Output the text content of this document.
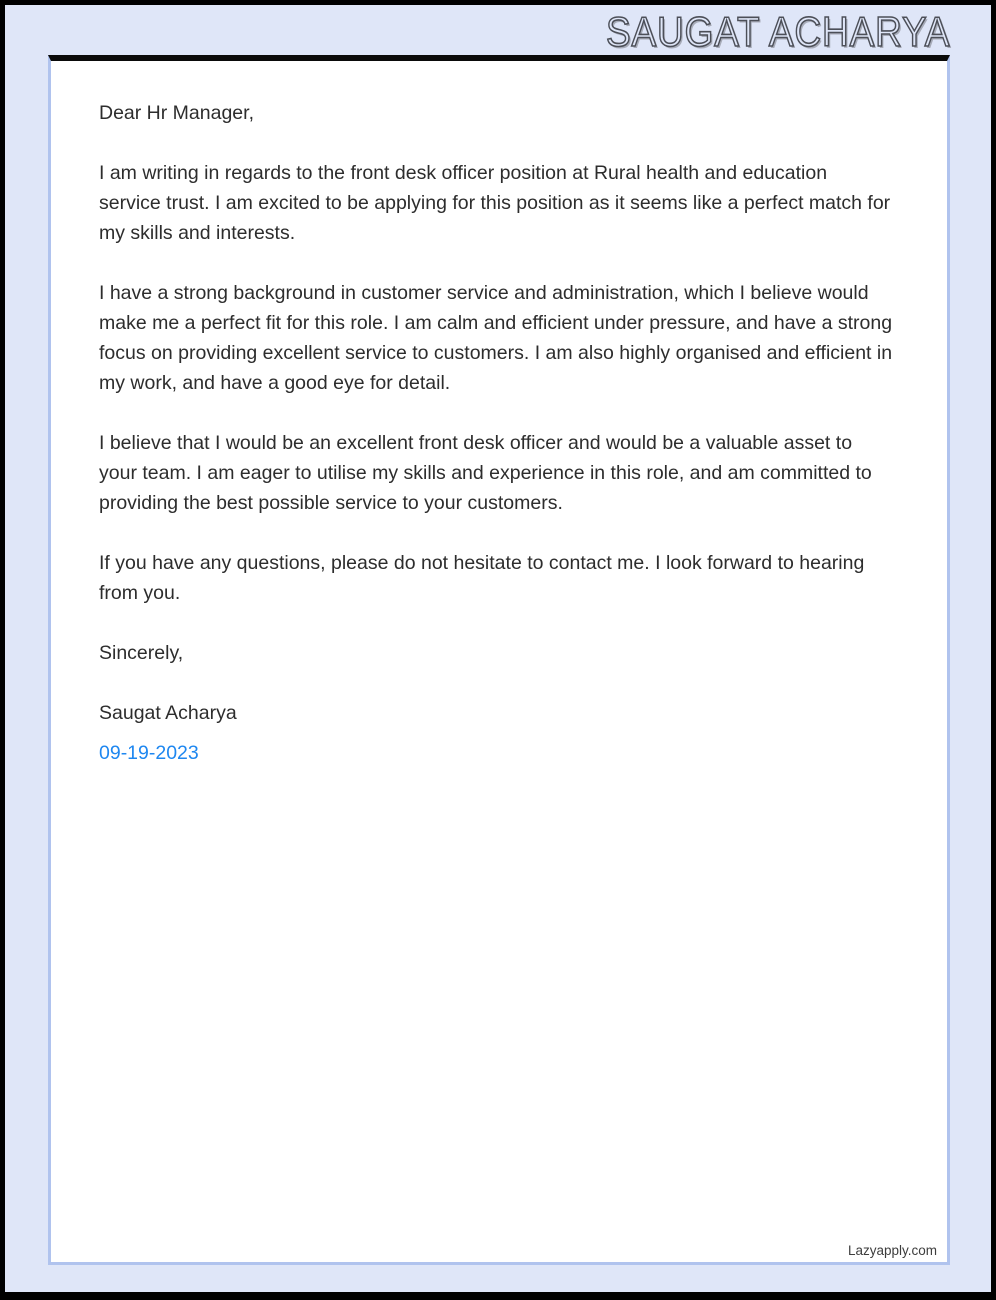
SAUGAT ACHARYA

Dear Hr Manager,

I am writing in regards to the front desk officer position at Rural health and education service trust. I am excited to be applying for this position as it seems like a perfect match for my skills and interests.

I have a strong background in customer service and administration, which I believe would make me a perfect fit for this role. I am calm and efficient under pressure, and have a strong focus on providing excellent service to customers. I am also highly organised and efficient in my work, and have a good eye for detail.

I believe that I would be an excellent front desk officer and would be a valuable asset to your team. I am eager to utilise my skills and experience in this role, and am committed to providing the best possible service to your customers.

If you have any questions, please do not hesitate to contact me. I look forward to hearing from you.

Sincerely,

Saugat Acharya

09-19-2023

Lazyapply.com
